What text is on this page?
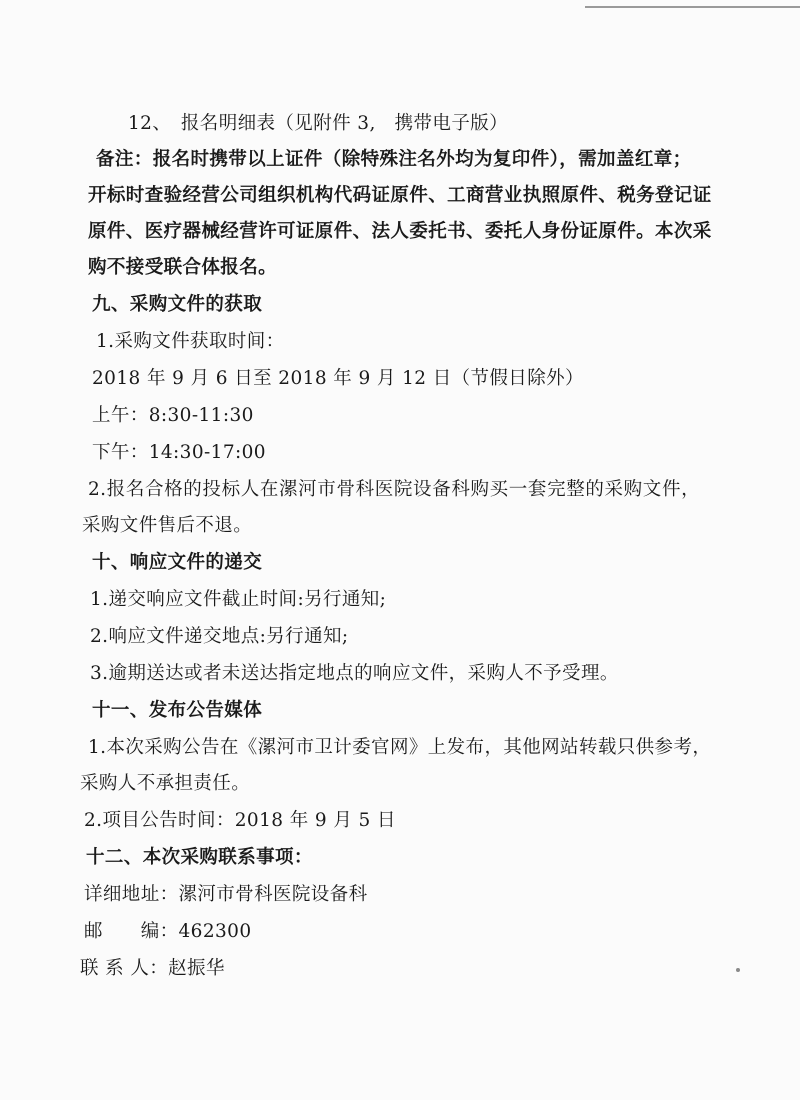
12、　报名明细表（见附件 3,　携带电子版）
备注：报名时携带以上证件（除特殊注名外均为复印件），需加盖红章；
开标时查验经营公司组织机构代码证原件、工商营业执照原件、税务登记证
原件、医疗器械经营许可证原件、法人委托书、委托人身份证原件。本次采
购不接受联合体报名。
九、采购文件的获取
1.采购文件获取时间：
2018 年 9 月 6 日至 2018 年 9 月 12 日（节假日除外）
上午：8:30-11:30
下午：14:30-17:00
2.报名合格的投标人在漯河市骨科医院设备科购买一套完整的采购文件，
采购文件售后不退。
十、响应文件的递交
1.递交响应文件截止时间:另行通知;
2.响应文件递交地点:另行通知;
3.逾期送达或者未送达指定地点的响应文件，采购人不予受理。
十一、发布公告媒体
1.本次采购公告在《漯河市卫计委官网》上发布，其他网站转载只供参考，
采购人不承担责任。
2.项目公告时间：2018 年 9 月 5 日
十二、本次采购联系事项：
详细地址：漯河市骨科医院设备科
邮　　编：462300
联 系 人：赵振华
